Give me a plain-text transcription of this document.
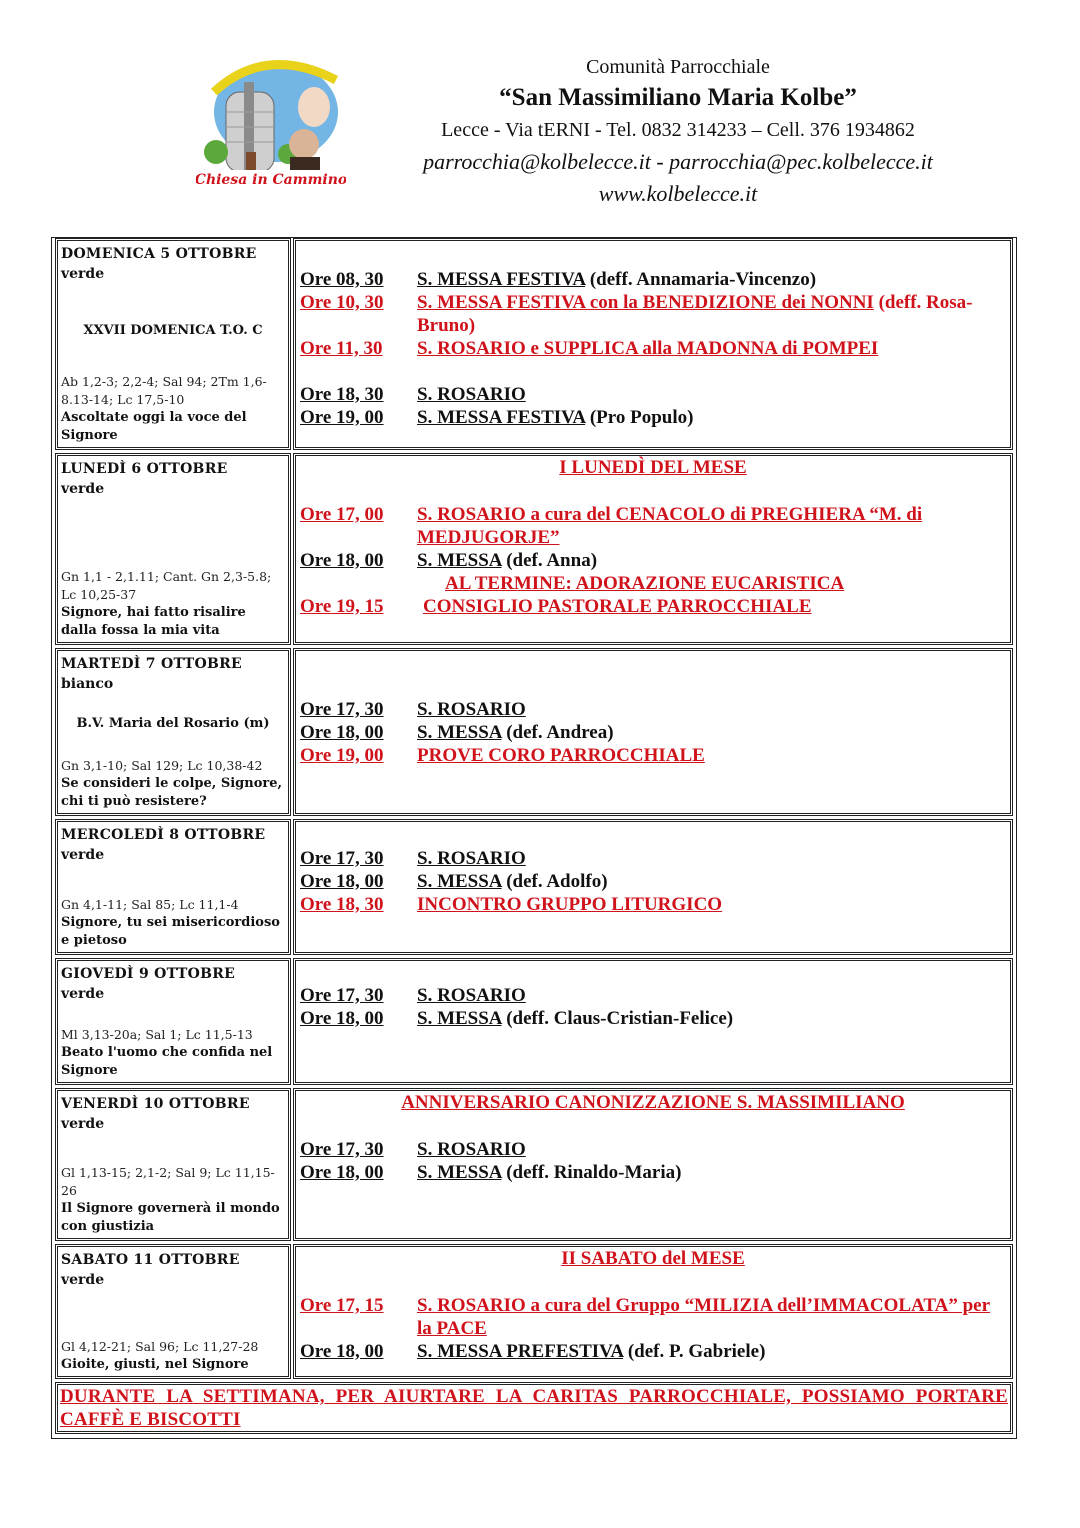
Chiesa in Cammino
Comunità Parrocchiale
“San Massimiliano Maria Kolbe”
Lecce - Via tERNI - Tel. 0832 314233 – Cell. 376 1934862
parrocchia@kolbelecce.it - parrocchia@pec.kolbelecce.it
www.kolbelecce.it
DOMENICA 5 OTTOBRE
verde
XXVII DOMENICA T.O. C
Ab 1,2-3; 2,2-4; Sal 94; 2Tm 1,6-8.13-14; Lc 17,5-10
Ascoltate oggi la voce del Signore
Ore 08, 30 S. MESSA FESTIVA (deff. Annamaria-Vincenzo)
Ore 10, 30 S. MESSA FESTIVA con la BENEDIZIONE dei NONNI (deff. Rosa-Bruno)
Ore 11, 30 S. ROSARIO e SUPPLICA alla MADONNA di POMPEI
Ore 18, 30 S. ROSARIO
Ore 19, 00 S. MESSA FESTIVA (Pro Populo)
LUNEDÌ 6 OTTOBRE
verde
Gn 1,1 - 2,1.11; Cant. Gn 2,3-5.8; Lc 10,25-37
Signore, hai fatto risalire dalla fossa la mia vita
I LUNEDÌ DEL MESE
Ore 17, 00 S. ROSARIO a cura del CENACOLO di PREGHIERA “M. di MEDJUGORJE”
Ore 18, 00 S. MESSA (def. Anna)
AL TERMINE: ADORAZIONE EUCARISTICA
Ore 19, 15 CONSIGLIO PASTORALE PARROCCHIALE
MARTEDÌ 7 OTTOBRE
bianco
B.V. Maria del Rosario (m)
Gn 3,1-10; Sal 129; Lc 10,38-42
Se consideri le colpe, Signore, chi ti può resistere?
Ore 17, 30 S. ROSARIO
Ore 18, 00 S. MESSA (def. Andrea)
Ore 19, 00 PROVE CORO PARROCCHIALE
MERCOLEDÌ 8 OTTOBRE
verde
Gn 4,1-11; Sal 85; Lc 11,1-4
Signore, tu sei misericordioso e pietoso
Ore 17, 30 S. ROSARIO
Ore 18, 00 S. MESSA (def. Adolfo)
Ore 18, 30 INCONTRO GRUPPO LITURGICO
GIOVEDÌ 9 OTTOBRE
verde
Ml 3,13-20a; Sal 1; Lc 11,5-13
Beato l'uomo che confida nel Signore
Ore 17, 30 S. ROSARIO
Ore 18, 00 S. MESSA (deff. Claus-Cristian-Felice)
VENERDÌ 10 OTTOBRE
verde
Gl 1,13-15; 2,1-2; Sal 9; Lc 11,15-26
Il Signore governerà il mondo con giustizia
ANNIVERSARIO CANONIZZAZIONE S. MASSIMILIANO
Ore 17, 30 S. ROSARIO
Ore 18, 00 S. MESSA (deff. Rinaldo-Maria)
SABATO 11 OTTOBRE
verde
Gl 4,12-21; Sal 96; Lc 11,27-28
Gioite, giusti, nel Signore
II SABATO del MESE
Ore 17, 15 S. ROSARIO a cura del Gruppo “MILIZIA dell’IMMACOLATA” per la PACE
Ore 18, 00 S. MESSA PREFESTIVA (def. P. Gabriele)
DURANTE LA SETTIMANA, PER AIURTARE LA CARITAS PARROCCHIALE, POSSIAMO PORTARE CAFFÈ E BISCOTTI
